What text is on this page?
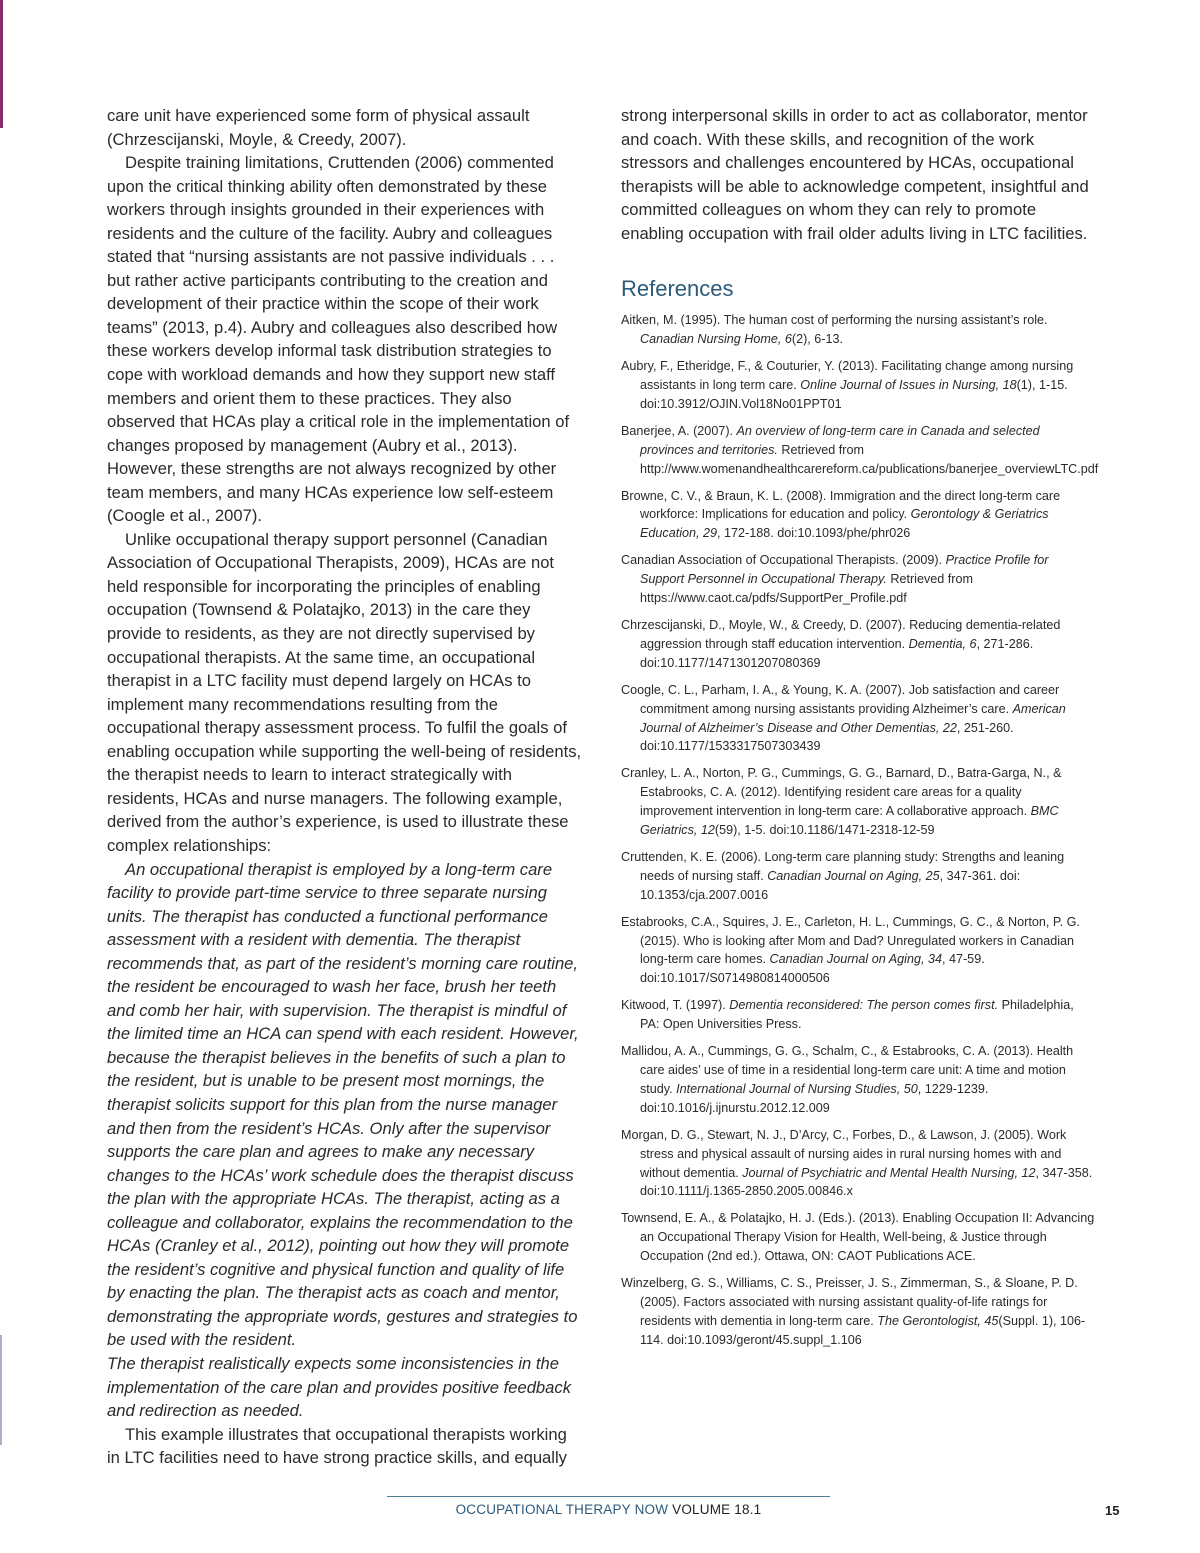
care unit have experienced some form of physical assault (Chrzescijanski, Moyle, & Creedy, 2007).

Despite training limitations, Cruttenden (2006) commented upon the critical thinking ability often demonstrated by these workers through insights grounded in their experiences with residents and the culture of the facility. Aubry and colleagues stated that “nursing assistants are not passive individuals . . . but rather active participants contributing to the creation and development of their practice within the scope of their work teams” (2013, p.4). Aubry and colleagues also described how these workers develop informal task distribution strategies to cope with workload demands and how they support new staff members and orient them to these practices. They also observed that HCAs play a critical role in the implementation of changes proposed by management (Aubry et al., 2013). However, these strengths are not always recognized by other team members, and many HCAs experience low self-esteem (Coogle et al., 2007).

Unlike occupational therapy support personnel (Canadian Association of Occupational Therapists, 2009), HCAs are not held responsible for incorporating the principles of enabling occupation (Townsend & Polatajko, 2013) in the care they provide to residents, as they are not directly supervised by occupational therapists. At the same time, an occupational therapist in a LTC facility must depend largely on HCAs to implement many recommendations resulting from the occupational therapy assessment process. To fulfil the goals of enabling occupation while supporting the well-being of residents, the therapist needs to learn to interact strategically with residents, HCAs and nurse managers. The following example, derived from the author’s experience, is used to illustrate these complex relationships:

An occupational therapist is employed by a long-term care facility to provide part-time service to three separate nursing units. The therapist has conducted a functional performance assessment with a resident with dementia. The therapist recommends that, as part of the resident’s morning care routine, the resident be encouraged to wash her face, brush her teeth and comb her hair, with supervision. The therapist is mindful of the limited time an HCA can spend with each resident. However, because the therapist believes in the benefits of such a plan to the resident, but is unable to be present most mornings, the therapist solicits support for this plan from the nurse manager and then from the resident’s HCAs. Only after the supervisor supports the care plan and agrees to make any necessary changes to the HCAs’ work schedule does the therapist discuss the plan with the appropriate HCAs. The therapist, acting as a colleague and collaborator, explains the recommendation to the HCAs (Cranley et al., 2012), pointing out how they will promote the resident’s cognitive and physical function and quality of life by enacting the plan. The therapist acts as coach and mentor, demonstrating the appropriate words, gestures and strategies to be used with the resident.

The therapist realistically expects some inconsistencies in the implementation of the care plan and provides positive feedback and redirection as needed.

This example illustrates that occupational therapists working in LTC facilities need to have strong practice skills, and equally

strong interpersonal skills in order to act as collaborator, mentor and coach. With these skills, and recognition of the work stressors and challenges encountered by HCAs, occupational therapists will be able to acknowledge competent, insightful and committed colleagues on whom they can rely to promote enabling occupation with frail older adults living in LTC facilities.

References
Aitken, M. (1995). The human cost of performing the nursing assistant’s role. Canadian Nursing Home, 6(2), 6-13.
Aubry, F., Etheridge, F., & Couturier, Y. (2013). Facilitating change among nursing assistants in long term care. Online Journal of Issues in Nursing, 18(1), 1-15. doi:10.3912/OJIN.Vol18No01PPT01
Banerjee, A. (2007). An overview of long-term care in Canada and selected provinces and territories. Retrieved from http://www.womenandhealthcarereform.ca/publications/banerjee_overviewLTC.pdf
Browne, C. V., & Braun, K. L. (2008). Immigration and the direct long-term care workforce: Implications for education and policy. Gerontology & Geriatrics Education, 29, 172-188. doi:10.1093/phe/phr026
Canadian Association of Occupational Therapists. (2009). Practice Profile for Support Personnel in Occupational Therapy. Retrieved from https://www.caot.ca/pdfs/SupportPer_Profile.pdf
Chrzescijanski, D., Moyle, W., & Creedy, D. (2007). Reducing dementia-related aggression through staff education intervention. Dementia, 6, 271-286. doi:10.1177/1471301207080369
Coogle, C. L., Parham, I. A., & Young, K. A. (2007). Job satisfaction and career commitment among nursing assistants providing Alzheimer’s care. American Journal of Alzheimer’s Disease and Other Dementias, 22, 251-260. doi:10.1177/1533317507303439
Cranley, L. A., Norton, P. G., Cummings, G. G., Barnard, D., Batra-Garga, N., & Estabrooks, C. A. (2012). Identifying resident care areas for a quality improvement intervention in long-term care: A collaborative approach. BMC Geriatrics, 12(59), 1-5. doi:10.1186/1471-2318-12-59
Cruttenden, K. E. (2006). Long-term care planning study: Strengths and leaning needs of nursing staff. Canadian Journal on Aging, 25, 347-361. doi: 10.1353/cja.2007.0016
Estabrooks, C.A., Squires, J. E., Carleton, H. L., Cummings, G. C., & Norton, P. G. (2015). Who is looking after Mom and Dad? Unregulated workers in Canadian long-term care homes. Canadian Journal on Aging, 34, 47-59. doi:10.1017/S0714980814000506
Kitwood, T. (1997). Dementia reconsidered: The person comes first. Philadelphia, PA: Open Universities Press.
Mallidou, A. A., Cummings, G. G., Schalm, C., & Estabrooks, C. A. (2013). Health care aides’ use of time in a residential long-term care unit: A time and motion study. International Journal of Nursing Studies, 50, 1229-1239. doi:10.1016/j.ijnurstu.2012.12.009
Morgan, D. G., Stewart, N. J., D’Arcy, C., Forbes, D., & Lawson, J. (2005). Work stress and physical assault of nursing aides in rural nursing homes with and without dementia. Journal of Psychiatric and Mental Health Nursing, 12, 347-358. doi:10.1111/j.1365-2850.2005.00846.x
Townsend, E. A., & Polatajko, H. J. (Eds.). (2013). Enabling Occupation II: Advancing an Occupational Therapy Vision for Health, Well-being, & Justice through Occupation (2nd ed.). Ottawa, ON: CAOT Publications ACE.
Winzelberg, G. S., Williams, C. S., Preisser, J. S., Zimmerman, S., & Sloane, P. D. (2005). Factors associated with nursing assistant quality-of-life ratings for residents with dementia in long-term care. The Gerontologist, 45(Suppl. 1), 106-114. doi:10.1093/geront/45.suppl_1.106
OCCUPATIONAL THERAPY NOW VOLUME 18.1	15
